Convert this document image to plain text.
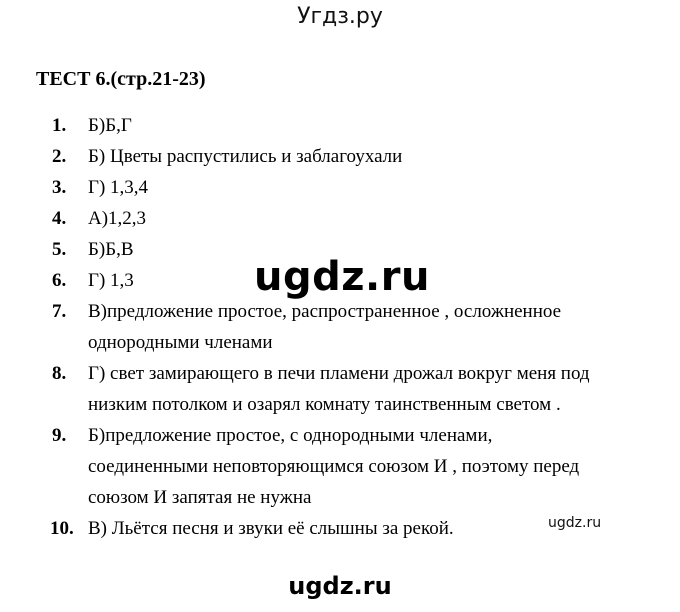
Угдз.ру
ТЕСТ 6.(стр.21-23)
1. Б)Б,Г
2. Б) Цветы распустились и заблагоухали
3. Г) 1,3,4
4. А)1,2,3
5. Б)Б,В
6. Г) 1,3
7. В)предложение простое, распространенное , осложненное
однородными членами
8. Г) свет замирающего в печи пламени дрожал вокруг меня под
низким потолком и озарял комнату таинственным светом .
9. Б)предложение простое, с однородными членами,
соединенными неповторяющимся союзом И , поэтому перед
союзом И запятая не нужна
10. В) Льётся песня и звуки её слышны за рекой.
ugdz.ru
ugdz.ru
ugdz.ru
